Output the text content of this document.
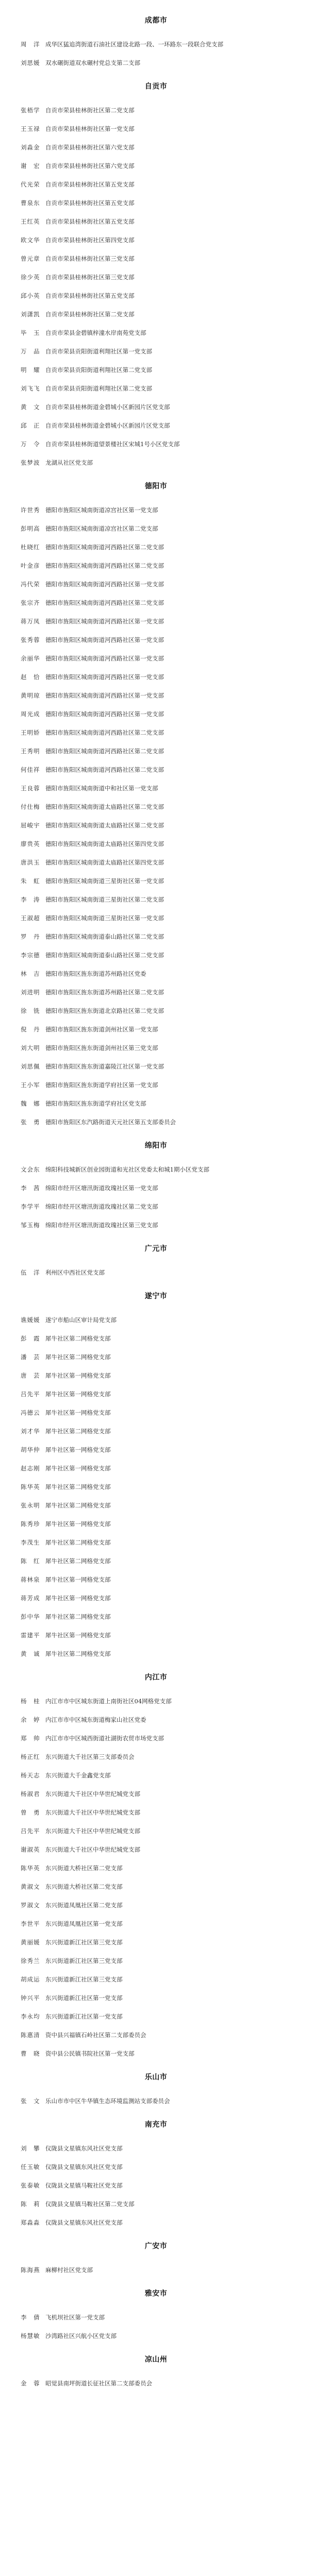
成都市
周　洋 成华区猛追湾街道石油社区建设北路一段、一环路东一段联合党支部
刘思媛 双水碾街道双水碾村党总支第二支部
自贡市
张梧学 自贡市荣县桂林街社区第二党支部
王玉禄 自贡市荣县桂林街社区第一党支部
刘淼金 自贡市荣县桂林街社区第六党支部
谢　宏 自贡市荣县桂林街社区第六党支部
代光荣 自贡市荣县桂林街社区第五党支部
曹泉东 自贡市荣县桂林街社区第五党支部
王红英 自贡市荣县桂林街社区第五党支部
欧文华 自贡市荣县桂林街社区第四党支部
曾元章 自贡市荣县桂林街社区第三党支部
徐少英 自贡市荣县桂林街社区第三党支部
邱小英 自贡市荣县桂林街社区第五党支部
刘潇凯 自贡市荣县桂林街社区第二党支部
毕　玉 自贡市荣县金碧镇梓潼水岸南苑党支部
万　品 自贡市荣县贡阳街道利翔社区第一党支部
明　耀 自贡市荣县贡阳街道利翔社区第二党支部
刘飞飞 自贡市荣县贡阳街道利翔社区第二党支部
黄　文 自贡市荣县桂林街道金碧城小区新园片区党支部
邱　正 自贡市荣县桂林街道金碧城小区新园片区党支部
万　令 自贡市荣县桂林街道望景楼社区宋城1号小区党支部
张梦波 龙湖从社区党支部
德阳市
许世秀 德阳市旌阳区城南街道凉宫社区第一党支部
彭明高 德阳市旌阳区城南街道凉宫社区第二党支部
杜晓红 德阳市旌阳区城南街道河西路社区第二党支部
叶金彦 德阳市旌阳区城南街道河西路社区第二党支部
冯代荣 德阳市旌阳区城南街道河西路社区第一党支部
张宗齐 德阳市旌阳区城南街道河西路社区第二党支部
蒋万凤 德阳市旌阳区城南街道河西路社区第一党支部
张秀蓉 德阳市旌阳区城南街道河西路社区第一党支部
余丽华 德阳市旌阳区城南街道河西路社区第一党支部
赵　恰 德阳市旌阳区城南街道河西路社区第一党支部
黄明琼 德阳市旌阳区城南街道河西路社区第一党支部
周光成 德阳市旌阳区城南街道河西路社区第一党支部
王明娇 德阳市旌阳区城南街道河西路社区第二党支部
王秀明 德阳市旌阳区城南街道河西路社区第二党支部
何佳祥 德阳市旌阳区城南街道河西路社区第二党支部
王良蓉 德阳市旌阳区城南街道中和社区第一党支部
付仕梅 德阳市旌阳区城南街道太庙路社区第二党支部
屈峻宇 德阳市旌阳区城南街道太庙路社区第二党支部
廖贵英 德阳市旌阳区城南街道太庙路社区第四党支部
唐洪玉 德阳市旌阳区城南街道太庙路社区第四党支部
朱　虹 德阳市旌阳区城南街道三星街社区第一党支部
李　涛 德阳市旌阳区城南街道三星街社区第二党支部
王淑超 德阳市旌阳区城南街道三星街社区第一党支部
罗　丹 德阳市旌阳区城南街道泰山路社区第二党支部
李宗德 德阳市旌阳区城南街道泰山路社区第二党支部
林　吉 德阳市旌阳区旌东街道苏州路社区党委
刘进明 德阳市旌阳区旌东街道苏州路社区第二党支部
徐　铣 德阳市旌阳区旌东街道北京路社区第二党支部
倪　丹 德阳市旌阳区旌东街道剑州社区第一党支部
刘大明 德阳市旌阳区旌东街道剑州社区第三党支部
刘思佩 德阳市旌阳区旌东街道嘉陵江社区第一党支部
王小军 德阳市旌阳区旌东街道学府社区第一党支部
魏　娜 德阳市旌阳区旌东街道学府社区党支部
张　勇 德阳市旌阳区东汽路街道天元社区第五支部委员会
绵阳市
文会东 绵阳科技城新区创业园街道和光社区党委太和城1期小区党支部
李　茜 绵阳市经开区塘汛街道玫瑰社区第一党支部
李学平 绵阳市经开区塘汛街道玫瑰社区第二党支部
邹玉梅 绵阳市经开区塘汛街道玫瑰社区第三党支部
广元市
伍　洋 利州区中西社区党支部
遂宁市
谯媛媛 遂宁市船山区审计局党支部
彭　霞 犀牛社区第二网格党支部
潘　芸 犀牛社区第二网格党支部
唐　芸 犀牛社区第一网格党支部
吕先平 犀牛社区第一网格党支部
冯德云 犀牛社区第一网格党支部
刘才华 犀牛社区第二网格党支部
胡华仲 犀牛社区第一网格党支部
赵志刚 犀牛社区第一网格党支部
陈华英 犀牛社区第二网格党支部
张永明 犀牛社区第二网格党支部
陈秀珍 犀牛社区第一网格党支部
李茂生 犀牛社区第二网格党支部
陈　红 犀牛社区第二网格党支部
蒋林泉 犀牛社区第一网格党支部
蒋芳成 犀牛社区第一网格党支部
彭中华 犀牛社区第二网格党支部
雷建平 犀牛社区第一网格党支部
黄　诚 犀牛社区第二网格党支部
内江市
杨　桂 内江市市中区城东街道上南街社区04网格党支部
余　婷 内江市市中区城东街道梅家山社区党委
郑　帅 内江市市中区城西街道社湖街农贸市场党支部
杨正红 东兴街道大千社区第三支部委员会
杨天志 东兴街道大千金鑫党支部
杨淑君 东兴街道大千社区中华世纪城党支部
曾　勇 东兴街道大千社区中华世纪城党支部
吕先平 东兴街道大千社区中华世纪城党支部
谢淑英 东兴街道大千社区中华世纪城党支部
陈华英 东兴街道大桥社区第二党支部
黄淑文 东兴街道大桥社区第二党支部
罗淑文 东兴街道凤凰社区第二党支部
李世平 东兴街道凤凰社区第一党支部
黄丽媛 东兴街道新江社区第三党支部
徐秀兰 东兴街道新江社区第三党支部
胡成运 东兴街道新江社区第三党支部
钟兴平 东兴街道新江社区第一党支部
李永均 东兴街道新江社区第一党支部
陈惠清 资中县兴福镇石岭社区第二支部委员会
曹　晓 资中县公民镇书院社区第一党支部
乐山市
张　文 乐山市市中区牛华镇生态环境监测站支部委员会
南充市
刘　攀 仪陇县文星镇东风社区党支部
任玉敏 仪陇县文星镇东风社区党支部
张泰敏 仪陇县文星镇马鞍社区党支部
陈　莉 仪陇县文星镇马鞍社区第二党支部
郑淼淼 仪陇县文星镇东风社区党支部
广安市
陈海燕 麻柳村社区党支部
雅安市
李　倩 飞机坝社区第一党支部
杨慧敏 沙湾路社区兴航小区党支部
凉山州
金　蓉 昭觉县南坪街道长征社区第二支部委员会
